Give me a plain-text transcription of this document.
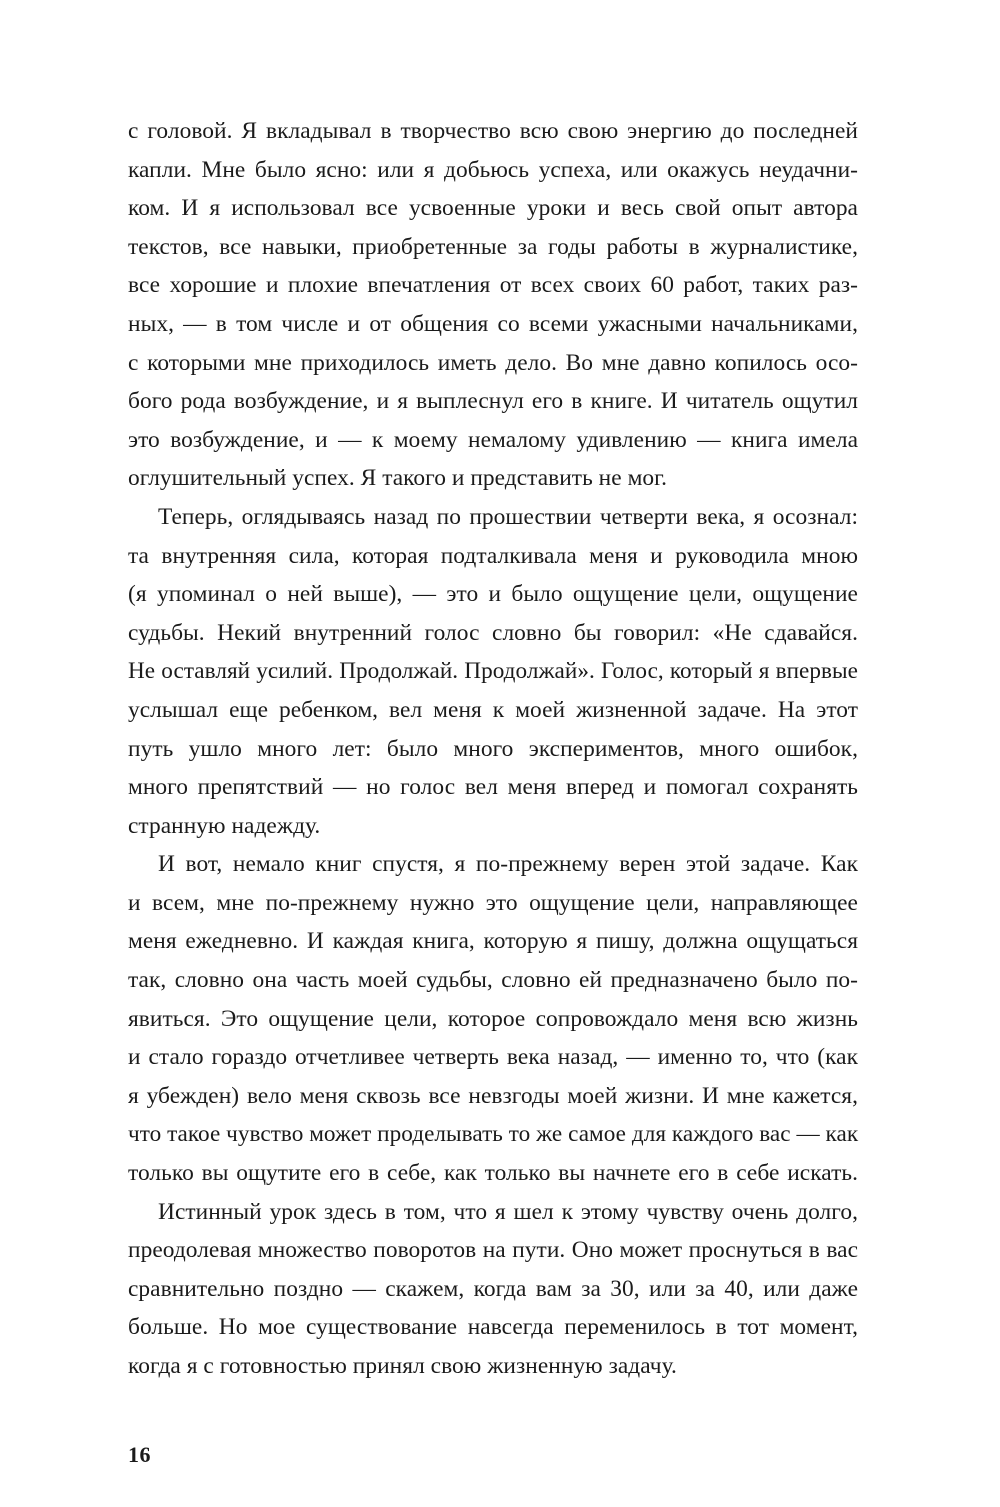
с головой. Я вкладывал в творчество всю свою энергию до последней
капли. Мне было ясно: или я добьюсь успеха, или окажусь неудачни-
ком. И я использовал все усвоенные уроки и весь свой опыт автора
текстов, все навыки, приобретенные за годы работы в журналистике,
все хорошие и плохие впечатления от всех своих 60 работ, таких раз-
ных, — в том числе и от общения со всеми ужасными начальниками,
с которыми мне приходилось иметь дело. Во мне давно копилось осо-
бого рода возбуждение, и я выплеснул его в книге. И читатель ощутил
это возбуждение, и — к моему немалому удивлению — книга имела
оглушительный успех. Я такого и представить не мог.
Теперь, оглядываясь назад по прошествии четверти века, я осознал:
та внутренняя сила, которая подталкивала меня и руководила мною
(я упоминал о ней выше), — это и было ощущение цели, ощущение
судьбы. Некий внутренний голос словно бы говорил: «Не сдавайся.
Не оставляй усилий. Продолжай. Продолжай». Голос, который я впервые
услышал еще ребенком, вел меня к моей жизненной задаче. На этот
путь ушло много лет: было много экспериментов, много ошибок,
много препятствий — но голос вел меня вперед и помогал сохранять
странную надежду.
И вот, немало книг спустя, я по-прежнему верен этой задаче. Как
и всем, мне по-прежнему нужно это ощущение цели, направляющее
меня ежедневно. И каждая книга, которую я пишу, должна ощущаться
так, словно она часть моей судьбы, словно ей предназначено было по-
явиться. Это ощущение цели, которое сопровождало меня всю жизнь
и стало гораздо отчетливее четверть века назад, — именно то, что (как
я убежден) вело меня сквозь все невзгоды моей жизни. И мне кажется,
что такое чувство может проделывать то же самое для каждого вас — как
только вы ощутите его в себе, как только вы начнете его в себе искать.
Истинный урок здесь в том, что я шел к этому чувству очень долго,
преодолевая множество поворотов на пути. Оно может проснуться в вас
сравнительно поздно — скажем, когда вам за 30, или за 40, или даже
больше. Но мое существование навсегда переменилось в тот момент,
когда я с готовностью принял свою жизненную задачу.
16
